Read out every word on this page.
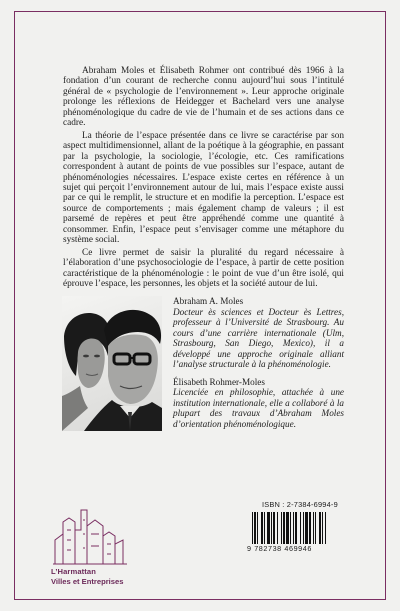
Abraham Moles et Élisabeth Rohmer ont contribué dès 1966 à la fondation d’un courant de recherche connu aujourd’hui sous l’intitulé général de « psychologie de l’environnement ». Leur approche originale prolonge les réflexions de Heidegger et Bachelard vers une analyse phénoménologique du cadre de vie de l’humain et de ses actions dans ce cadre.

La théorie de l’espace présentée dans ce livre se caractérise par son aspect multidimensionnel, allant de la poétique à la géographie, en passant par la psychologie, la sociologie, l’écologie, etc. Ces ramifications correspondent à autant de points de vue possibles sur l’espace, autant de phénoménologies nécessaires. L’espace existe certes en référence à un sujet qui perçoit l’environnement autour de lui, mais l’espace existe aussi par ce qui le remplit, le structure et en modifie la perception. L’espace est source de comportements ; mais également champ de valeurs ; il est parsemé de repères et peut être appréhendé comme une quantité à consommer. Enfin, l’espace peut s’envisager comme une métaphore du système social.

Ce livre permet de saisir la pluralité du regard nécessaire à l’élaboration d’une psychosociologie de l’espace, à partir de cette position caractéristique de la phénoménologie : le point de vue d’un être isolé, qui éprouve l’espace, les personnes, les objets et la société autour de lui.

Abraham A. Moles
Docteur ès sciences et Docteur ès Lettres, professeur à l’Université de Strasbourg. Au cours d’une carrière internationale (Ulm, Strasbourg, San Diego, Mexico), il a développé une approche originale alliant l’analyse structurale à la phénoménologie.
Élisabeth Rohmer-Moles
Licenciée en philosophie, attachée à une institution internationale, elle a collaboré à la plupart des travaux d’Abraham Moles d’orientation phénoménologique.
L’Harmattan
Villes et Entreprises
ISBN : 2-7384-6994-9
9 782738 469946
